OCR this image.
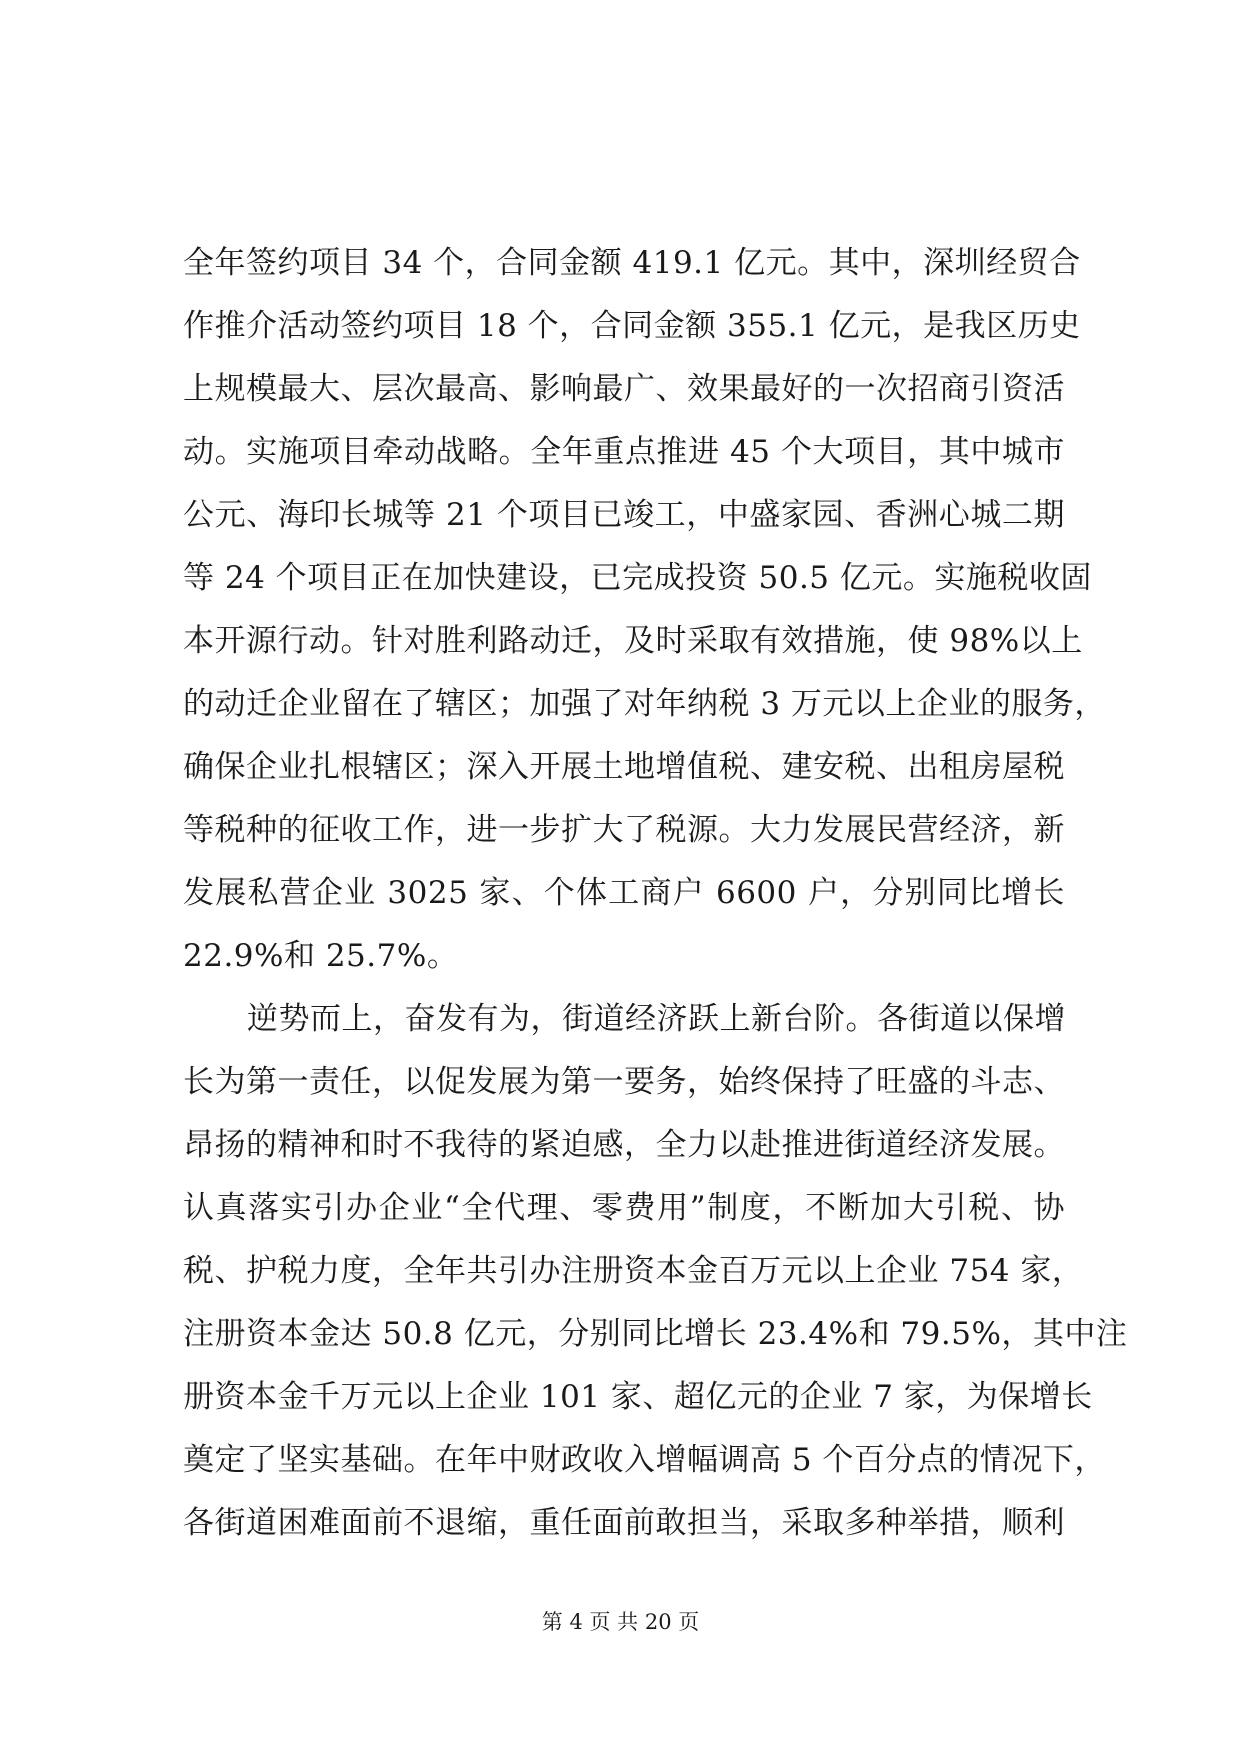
全年签约项目 34 个，合同金额 419.1 亿元。其中，深圳经贸合
作推介活动签约项目 18 个，合同金额 355.1 亿元，是我区历史
上规模最大、层次最高、影响最广、效果最好的一次招商引资活
动。实施项目牵动战略。全年重点推进 45 个大项目，其中城市
公元、海印长城等 21 个项目已竣工，中盛家园、香洲心城二期
等 24 个项目正在加快建设，已完成投资 50.5 亿元。实施税收固
本开源行动。针对胜利路动迁，及时采取有效措施，使 98%以上
的动迁企业留在了辖区；加强了对年纳税 3 万元以上企业的服务，
确保企业扎根辖区；深入开展土地增值税、建安税、出租房屋税
等税种的征收工作，进一步扩大了税源。大力发展民营经济，新
发展私营企业 3025 家、个体工商户 6600 户，分别同比增长
22.9%和 25.7%。
逆势而上，奋发有为，街道经济跃上新台阶。各街道以保增
长为第一责任，以促发展为第一要务，始终保持了旺盛的斗志、
昂扬的精神和时不我待的紧迫感，全力以赴推进街道经济发展。
认真落实引办企业“全代理、零费用”制度，不断加大引税、协
税、护税力度，全年共引办注册资本金百万元以上企业 754 家，
注册资本金达 50.8 亿元，分别同比增长 23.4%和 79.5%，其中注
册资本金千万元以上企业 101 家、超亿元的企业 7 家，为保增长
奠定了坚实基础。在年中财政收入增幅调高 5 个百分点的情况下，
各街道困难面前不退缩，重任面前敢担当，采取多种举措，顺利
第 4 页 共 20 页
